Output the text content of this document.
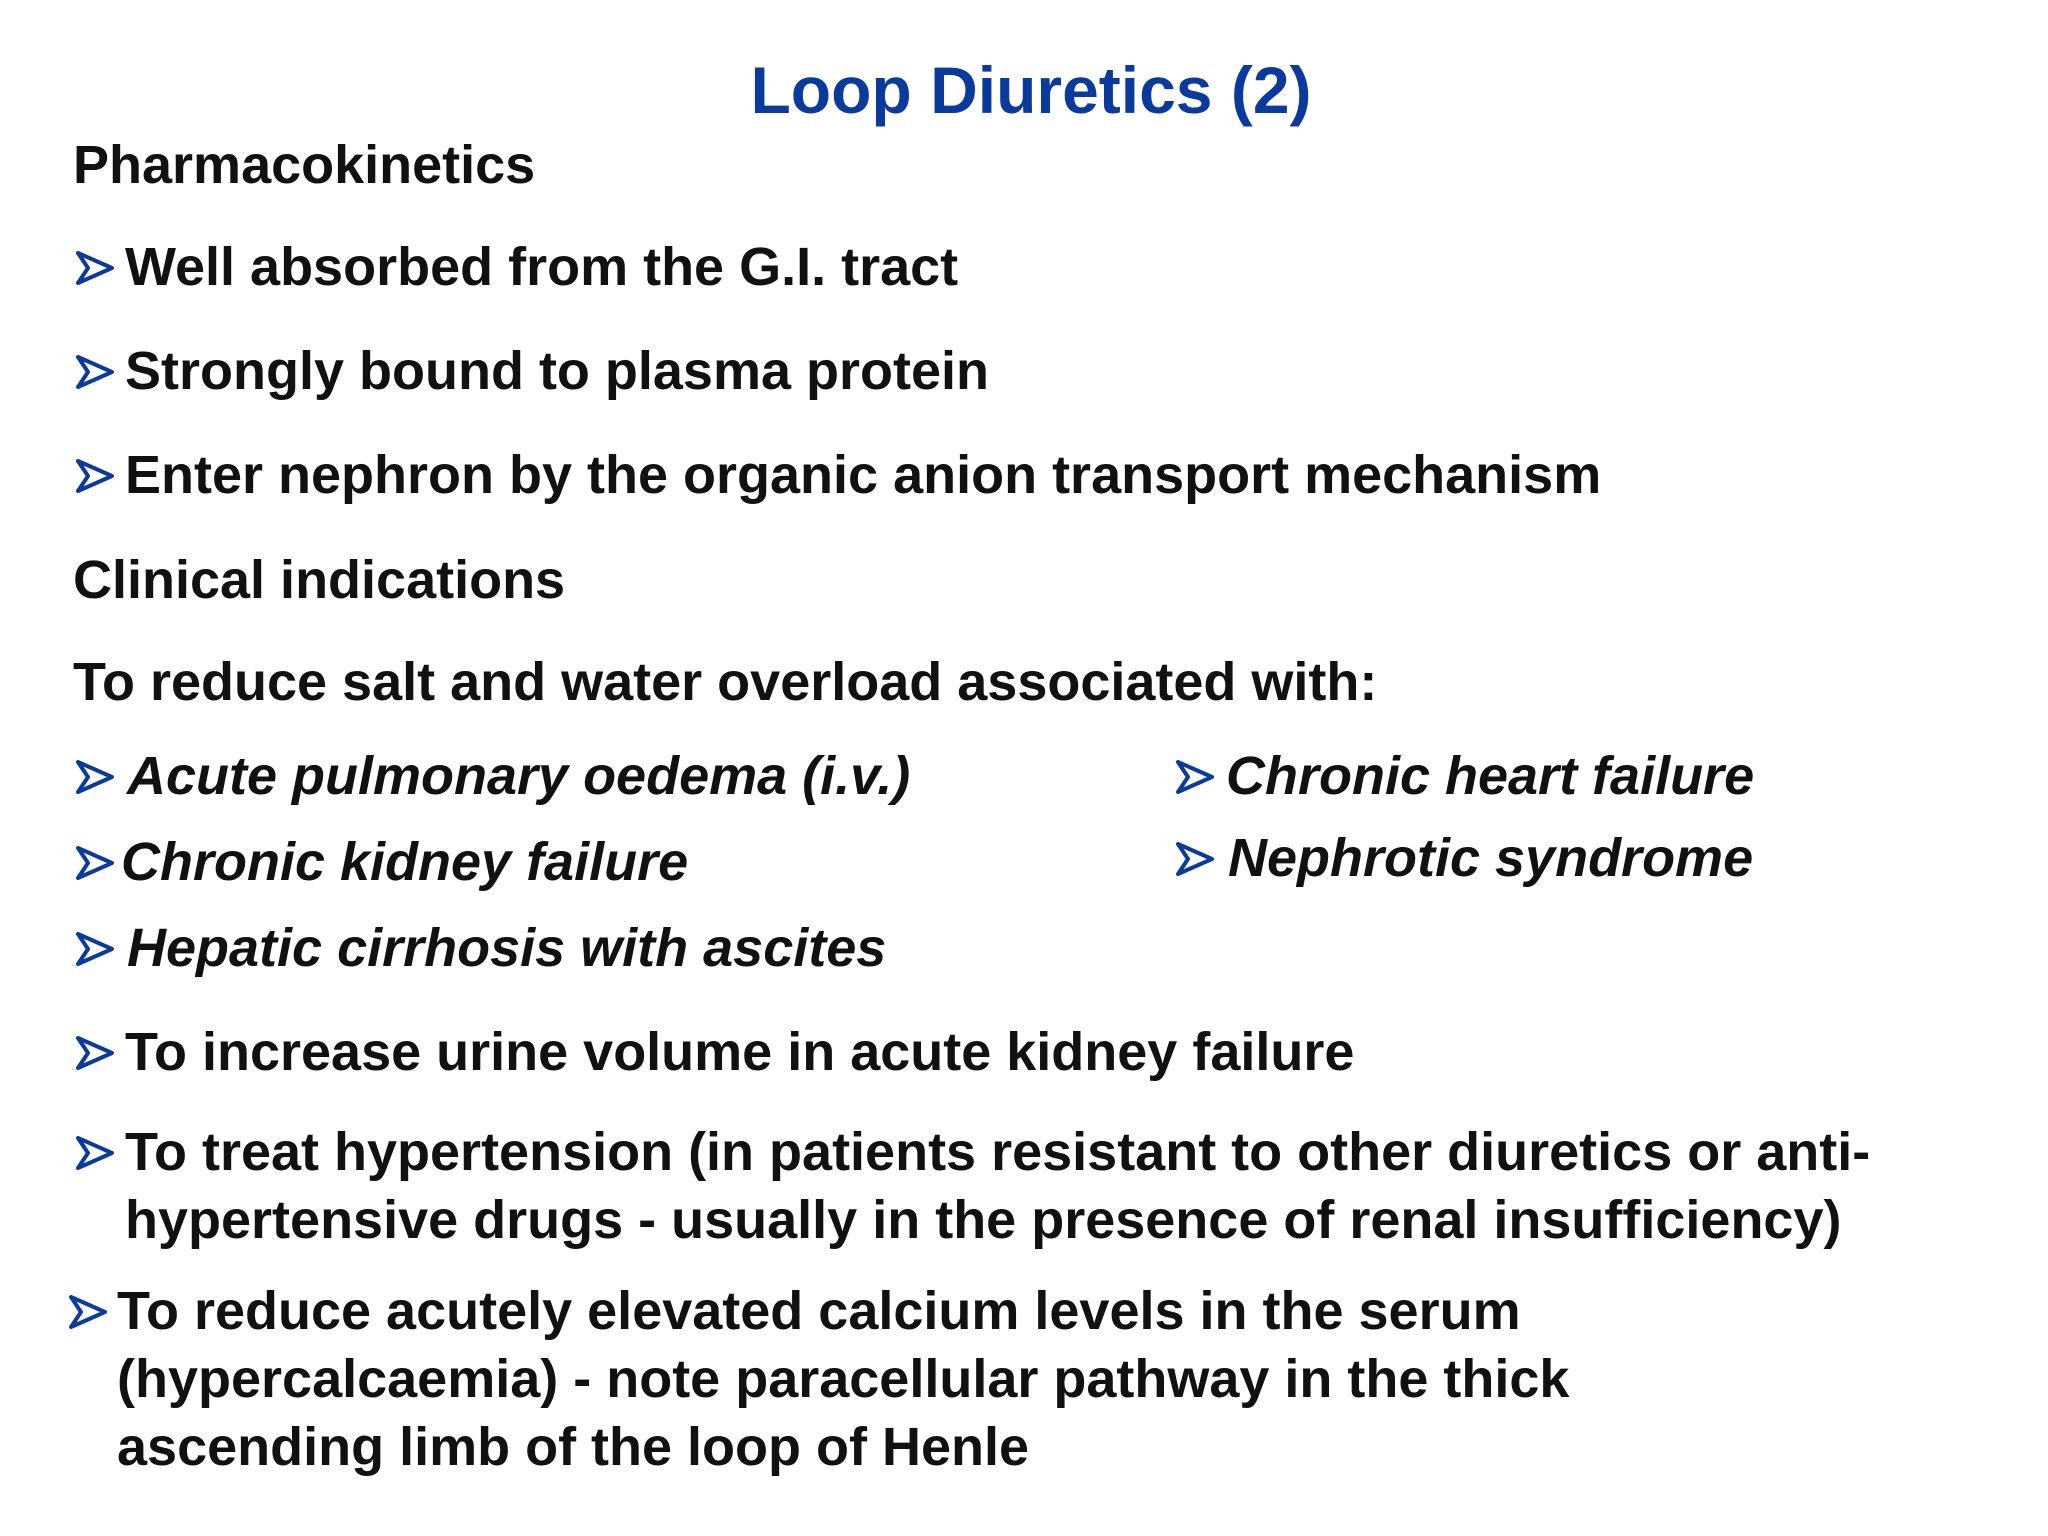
Loop Diuretics (2)
Pharmacokinetics
Well absorbed from the G.I. tract
Strongly bound to plasma protein
Enter nephron by the organic anion transport mechanism
Clinical indications
To reduce salt and water overload associated with:
Acute pulmonary oedema (i.v.)
Chronic kidney failure
Hepatic cirrhosis with ascites
Chronic heart failure
Nephrotic syndrome
To increase urine volume in acute kidney failure
To treat hypertension (in patients resistant to other diuretics or anti-
hypertensive drugs - usually in the presence of renal insufficiency)
To reduce acutely elevated calcium levels in the serum
(hypercalcaemia) - note paracellular pathway in the thick
ascending limb of the loop of Henle
